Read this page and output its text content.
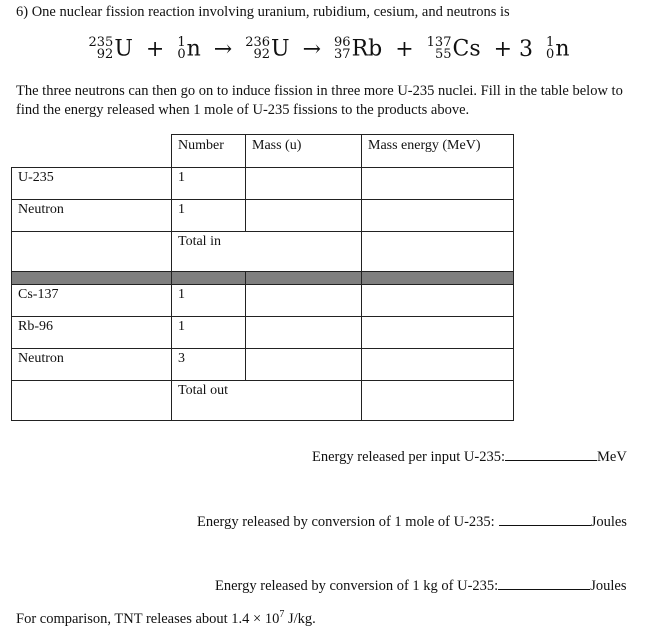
6) One nuclear fission reaction involving uranium, rubidium, cesium, and neutrons is
235
92 U + 1
0 n → 236
92 U → 96
37 Rb + 137
55 Cs + 3 1
0 n
The three neutrons can then go on to induce fission in three more U-235 nuclei. Fill in the table below to
find the energy released when 1 mole of U-235 fissions to the products above.
	Number	Mass (u)	Mass energy (MeV)
U-235	1		
Neutron	1		
	Total in		

Cs-137	1		
Rb-96	1		
Neutron	3		
	Total out		
Energy released per input U-235:	MeV
Energy released by conversion of 1 mole of U-235:	Joules
Energy released by conversion of 1 kg of U-235:	Joules
For comparison, TNT releases about $1.4 \times 10^7$ J/kg.
